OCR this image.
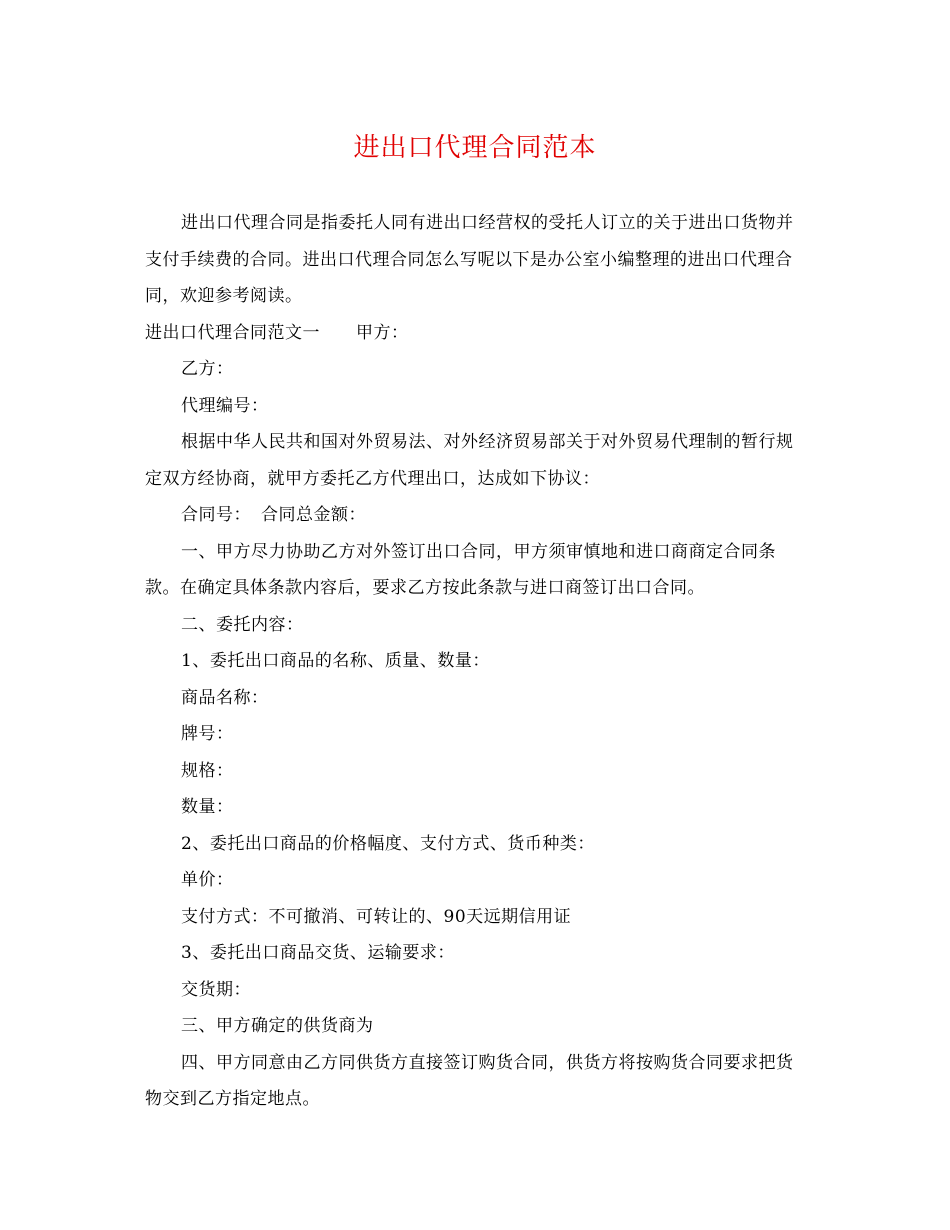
进出口代理合同范本

进出口代理合同是指委托人同有进出口经营权的受托人订立的关于进出口货物并支付手续费的合同。进出口代理合同怎么写呢以下是办公室小编整理的进出口代理合同，欢迎参考阅读。

进出口代理合同范文一 甲方：

乙方：

代理编号：

根据中华人民共和国对外贸易法、对外经济贸易部关于对外贸易代理制的暂行规定双方经协商，就甲方委托乙方代理出口，达成如下协议：

合同号： 合同总金额：

一、甲方尽力协助乙方对外签订出口合同，甲方须审慎地和进口商商定合同条款。在确定具体条款内容后，要求乙方按此条款与进口商签订出口合同。

二、委托内容：

1、委托出口商品的名称、质量、数量：

商品名称：

牌号：

规格：

数量：

2、委托出口商品的价格幅度、支付方式、货币种类：

单价：

支付方式：不可撤消、可转让的、90天远期信用证

3、委托出口商品交货、运输要求：

交货期：

三、甲方确定的供货商为

四、甲方同意由乙方同供货方直接签订购货合同，供货方将按购货合同要求把货物交到乙方指定地点。
